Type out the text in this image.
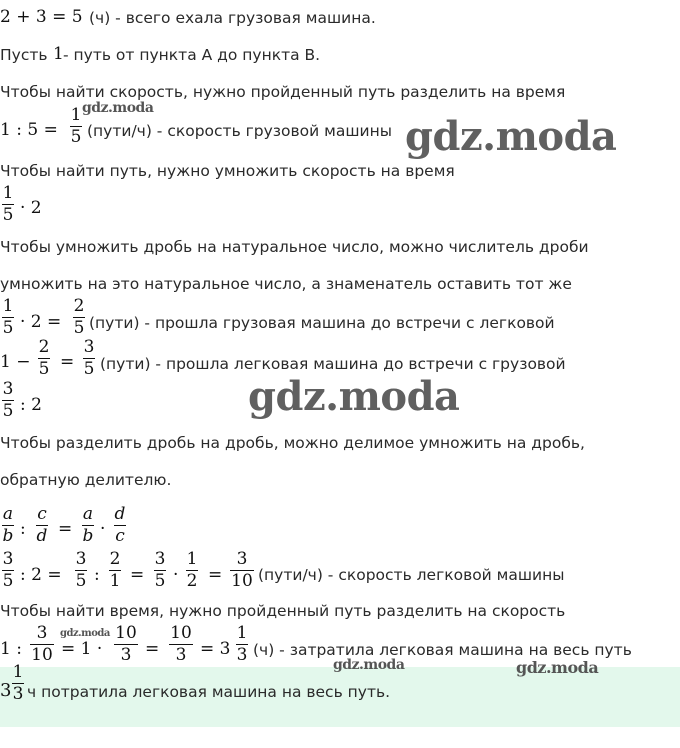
2 + 3 = 5 (ч) - всего ехала грузовая машина.
Пусть 1 - путь от пункта A до пункта B.
Чтобы найти скорость, нужно пройденный путь разделить на время
1 : 5 =
1
5 (пути/ч) - скорость грузовой машины
Чтобы найти путь, нужно умножить скорость на время
1
5 · 2
Чтобы умножить дробь на натуральное число, можно числитель дроби
умножить на это натуральное число, а знаменатель оставить тот же
1
5 · 2 =
2
5 (пути) - прошла грузовая машина до встречи с легковой
1 −
2
5 =
3
5 (пути) - прошла легковая машина до встречи с грузовой
3
5 : 2
Чтобы разделить дробь на дробь, можно делимое умножить на дробь,
обратную делителю.
a
b :
c
d =
a
b ·
d
c
3
5 : 2 =
3
5 :
2
1 =
3
5 ·
1
2 =
3
10 (пути/ч) - скорость легковой машины
Чтобы найти время, нужно пройденный путь разделить на скорость
1 :
3
10 = 1 ·
10
3 =
10
3 = 3
1
3 (ч) - затратила легковая машина на весь путь
3
1
3 ч потратила легковая машина на весь путь.
gdz.moda
gdz.moda
gdz.moda
gdz.moda
gdz.moda	gdz.moda
